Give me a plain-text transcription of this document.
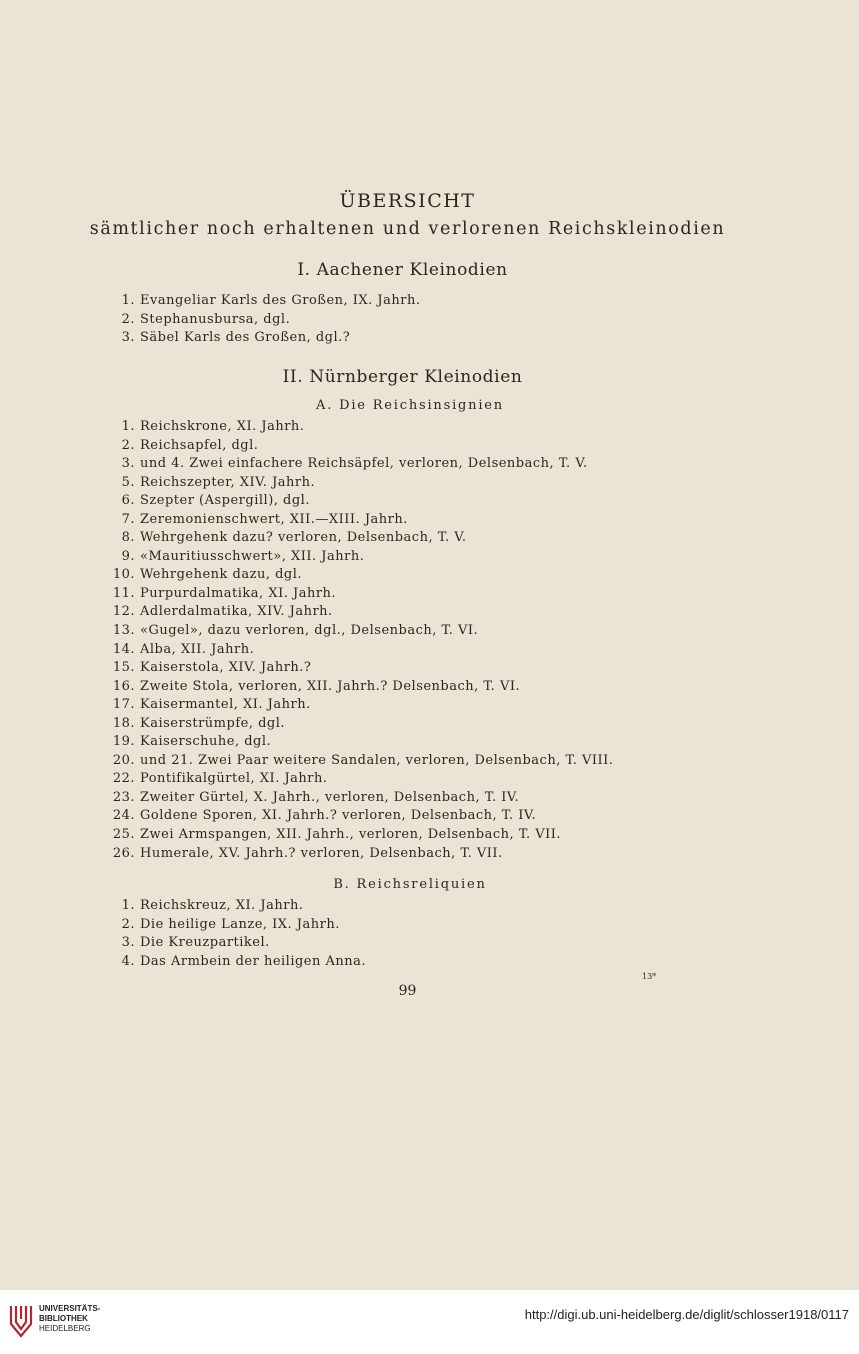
ÜBERSICHT
sämtlicher noch erhaltenen und verlorenen Reichskleinodien
I. Aachener Kleinodien
1. Evangeliar Karls des Großen, IX. Jahrh.
2. Stephanusbursa, dgl.
3. Säbel Karls des Großen, dgl.?
II. Nürnberger Kleinodien
A. Die Reichsinsignien
1. Reichskrone, XI. Jahrh.
2. Reichsapfel, dgl.
3. und 4. Zwei einfachere Reichsäpfel, verloren, Delsenbach, T. V.
5. Reichszepter, XIV. Jahrh.
6. Szepter (Aspergill), dgl.
7. Zeremonienschwert, XII.—XIII. Jahrh.
8. Wehrgehenk dazu? verloren, Delsenbach, T. V.
9. «Mauritiusschwert», XII. Jahrh.
10. Wehrgehenk dazu, dgl.
11. Purpurdalmatika, XI. Jahrh.
12. Adlerdalmatika, XIV. Jahrh.
13. «Gugel», dazu verloren, dgl., Delsenbach, T. VI.
14. Alba, XII. Jahrh.
15. Kaiserstola, XIV. Jahrh.?
16. Zweite Stola, verloren, XII. Jahrh.? Delsenbach, T. VI.
17. Kaisermantel, XI. Jahrh.
18. Kaiserstrümpfe, dgl.
19. Kaiserschuhe, dgl.
20. und 21. Zwei Paar weitere Sandalen, verloren, Delsenbach, T. VIII.
22. Pontifikalgürtel, XI. Jahrh.
23. Zweiter Gürtel, X. Jahrh., verloren, Delsenbach, T. IV.
24. Goldene Sporen, XI. Jahrh.? verloren, Delsenbach, T. IV.
25. Zwei Armspangen, XII. Jahrh., verloren, Delsenbach, T. VII.
26. Humerale, XV. Jahrh.? verloren, Delsenbach, T. VII.
B. Reichsreliquien
1. Reichskreuz, XI. Jahrh.
2. Die heilige Lanze, IX. Jahrh.
3. Die Kreuzpartikel.
4. Das Armbein der heiligen Anna.
13*
99
UNIVERSITÄTS-
BIBLIOTHEK
HEIDELBERG
http://digi.ub.uni-heidelberg.de/diglit/schlosser1918/0117
